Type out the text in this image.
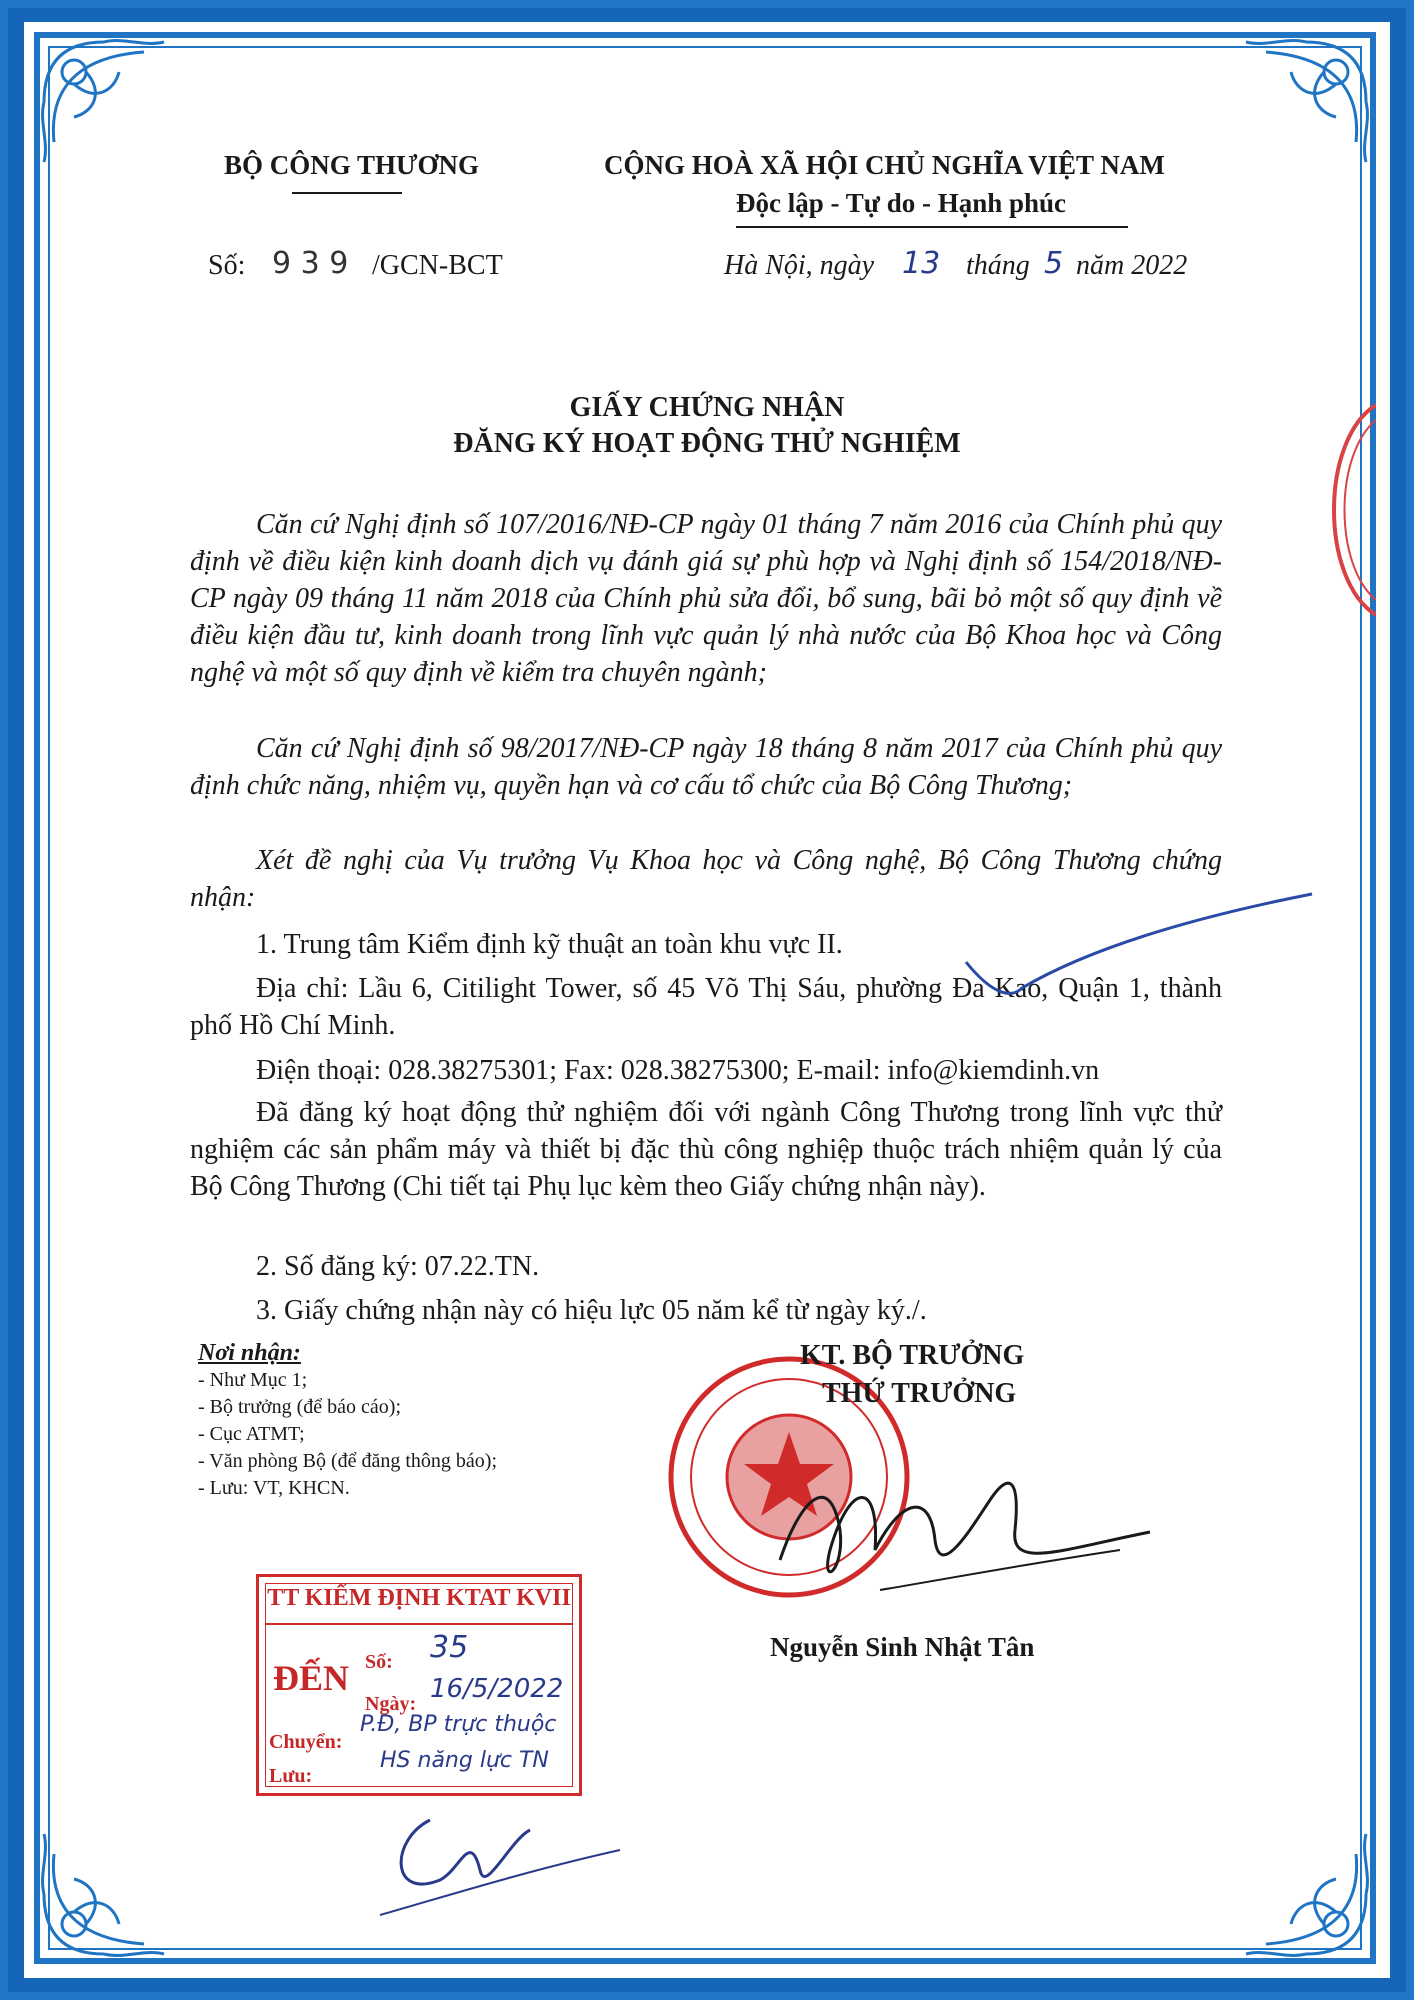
BỘ CÔNG THƯƠNG	CỘNG HOÀ XÃ HỘI CHỦ NGHĨA VIỆT NAM
Độc lập - Tự do - Hạnh phúc
Số: 9 3 9 /GCN-BCT	Hà Nội, ngày 13 tháng 5 năm 2022
GIẤY CHỨNG NHẬN
ĐĂNG KÝ HOẠT ĐỘNG THỬ NGHIỆM
Căn cứ Nghị định số 107/2016/NĐ-CP ngày 01 tháng 7 năm 2016 của Chính phủ quy định về điều kiện kinh doanh dịch vụ đánh giá sự phù hợp và Nghị định số 154/2018/NĐ-CP ngày 09 tháng 11 năm 2018 của Chính phủ sửa đổi, bổ sung, bãi bỏ một số quy định về điều kiện đầu tư, kinh doanh trong lĩnh vực quản lý nhà nước của Bộ Khoa học và Công nghệ và một số quy định về kiểm tra chuyên ngành;
Căn cứ Nghị định số 98/2017/NĐ-CP ngày 18 tháng 8 năm 2017 của Chính phủ quy định chức năng, nhiệm vụ, quyền hạn và cơ cấu tổ chức của Bộ Công Thương;
Xét đề nghị của Vụ trưởng Vụ Khoa học và Công nghệ, Bộ Công Thương chứng nhận:
1. Trung tâm Kiểm định kỹ thuật an toàn khu vực II.
Địa chỉ: Lầu 6, Citilight Tower, số 45 Võ Thị Sáu, phường Đa Kao, Quận 1, thành phố Hồ Chí Minh.
Điện thoại: 028.38275301; Fax: 028.38275300; E-mail: info@kiemdinh.vn
Đã đăng ký hoạt động thử nghiệm đối với ngành Công Thương trong lĩnh vực thử nghiệm các sản phẩm máy và thiết bị đặc thù công nghiệp thuộc trách nhiệm quản lý của Bộ Công Thương (Chi tiết tại Phụ lục kèm theo Giấy chứng nhận này).
2. Số đăng ký: 07.22.TN.
3. Giấy chứng nhận này có hiệu lực 05 năm kể từ ngày ký./.
Nơi nhận:
- Như Mục 1;
- Bộ trưởng (để báo cáo);
- Cục ATMT;
- Văn phòng Bộ (để đăng thông báo);
- Lưu: VT, KHCN.
KT. BỘ TRƯỞNG
THỨ TRƯỞNG
Nguyễn Sinh Nhật Tân
TT KIỂM ĐỊNH KTAT KVII
ĐẾN Số:
Ngày:
Chuyển:
Lưu:
35
16/5/2022
P.Đ, BP trực thuộc
HS năng lực TN
